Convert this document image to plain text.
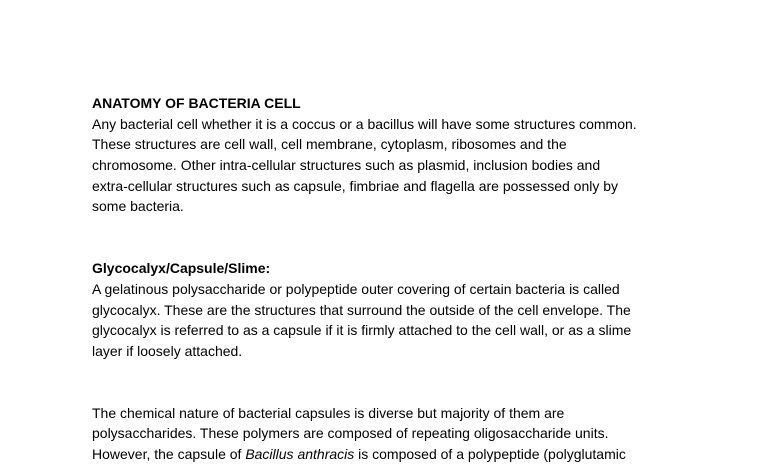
ANATOMY OF BACTERIA CELL
Any bacterial cell whether it is a coccus or a bacillus will have some structures common.
These structures are cell wall, cell membrane, cytoplasm, ribosomes and the
chromosome. Other intra-cellular structures such as plasmid, inclusion bodies and
extra-cellular structures such as capsule, fimbriae and flagella are possessed only by
some bacteria.
Glycocalyx/Capsule/Slime:
A gelatinous polysaccharide or polypeptide outer covering of certain bacteria is called
glycocalyx. These are the structures that surround the outside of the cell envelope. The
glycocalyx is referred to as a capsule if it is firmly attached to the cell wall, or as a slime
layer if loosely attached.
The chemical nature of bacterial capsules is diverse but majority of them are
polysaccharides. These polymers are composed of repeating oligosaccharide units.
However, the capsule of Bacillus anthracis is composed of a polypeptide (polyglutamic
